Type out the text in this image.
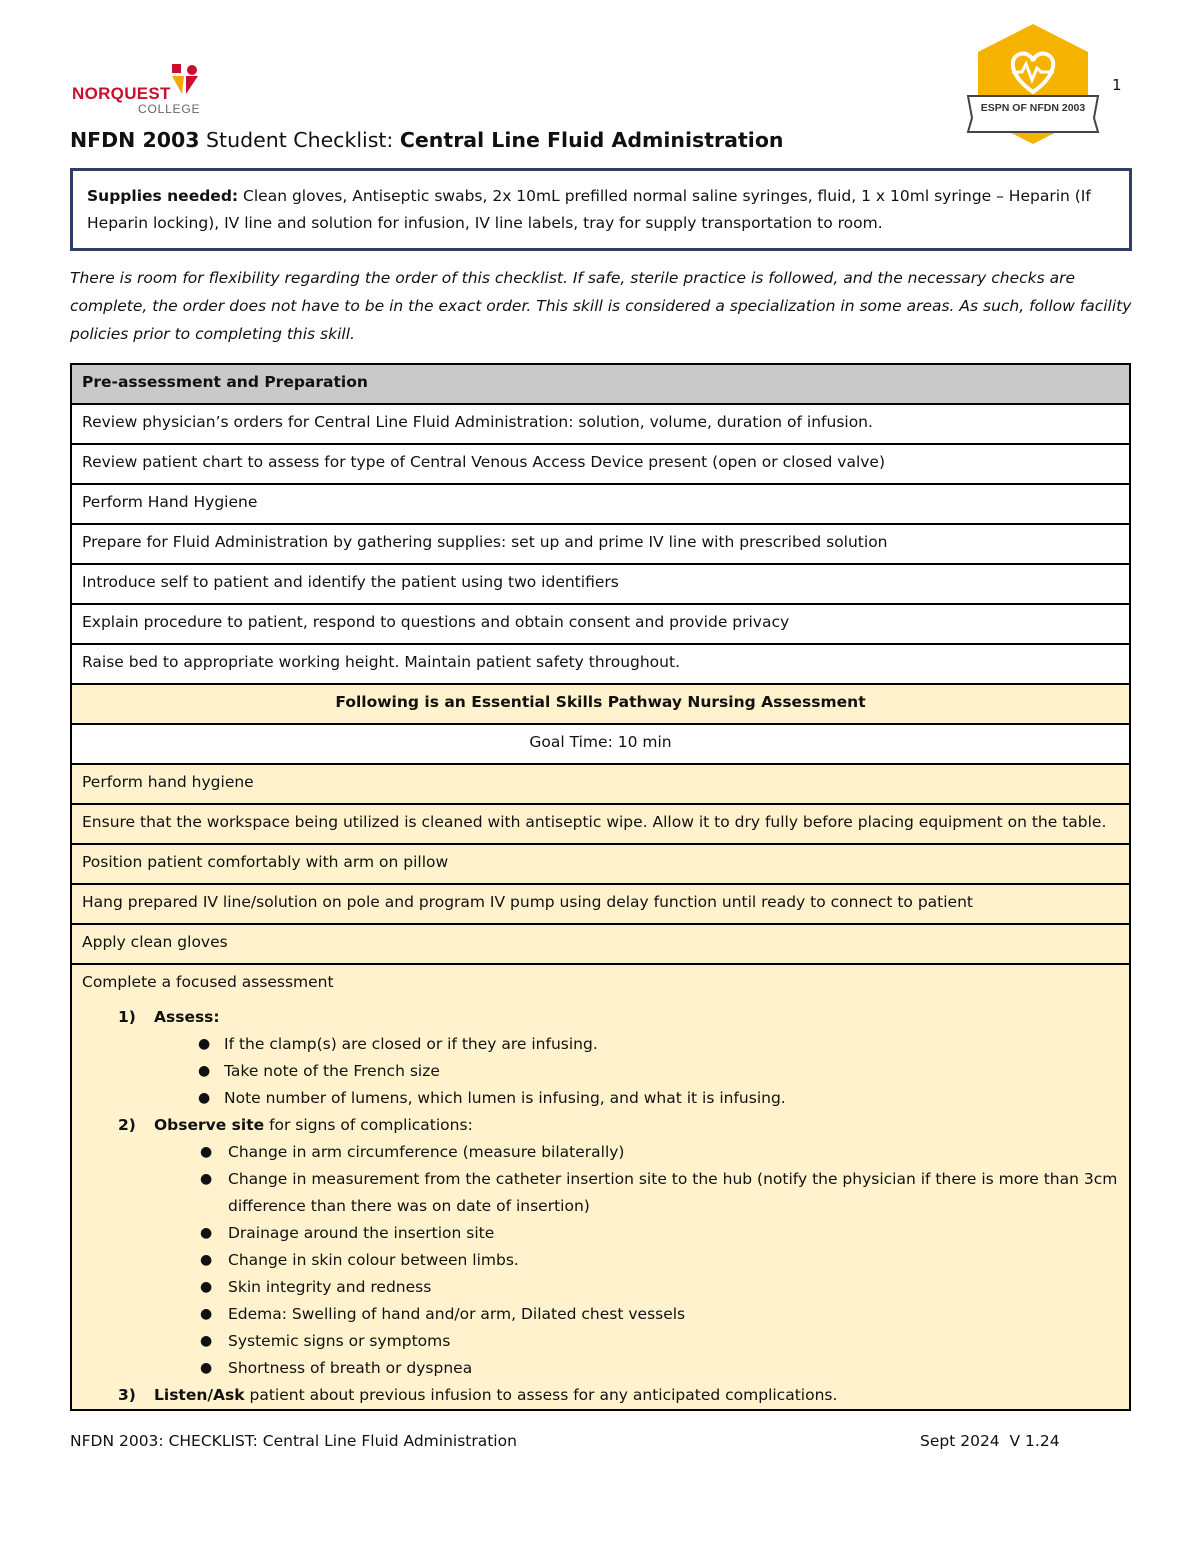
NORQUEST
COLLEGE	ESPN OF NFDN 2003
1
NFDN 2003 Student Checklist: Central Line Fluid Administration
Supplies needed: Clean gloves, Antiseptic swabs, 2x 10mL prefilled normal saline syringes, fluid, 1 x 10ml syringe – Heparin (If Heparin locking), IV line and solution for infusion, IV line labels, tray for supply transportation to room.
There is room for flexibility regarding the order of this checklist. If safe, sterile practice is followed, and the necessary checks are complete, the order does not have to be in the exact order. This skill is considered a specialization in some areas. As such, follow facility policies prior to completing this skill.
Pre-assessment and Preparation
Review physician’s orders for Central Line Fluid Administration: solution, volume, duration of infusion.
Review patient chart to assess for type of Central Venous Access Device present (open or closed valve)
Perform Hand Hygiene
Prepare for Fluid Administration by gathering supplies: set up and prime IV line with prescribed solution
Introduce self to patient and identify the patient using two identifiers
Explain procedure to patient, respond to questions and obtain consent and provide privacy
Raise bed to appropriate working height. Maintain patient safety throughout.
Following is an Essential Skills Pathway Nursing Assessment
Goal Time: 10 min
Perform hand hygiene
Ensure that the workspace being utilized is cleaned with antiseptic wipe. Allow it to dry fully before placing equipment on the table.
Position patient comfortably with arm on pillow
Hang prepared IV line/solution on pole and program IV pump using delay function until ready to connect to patient
Apply clean gloves

Complete a focused assessment
1) Assess:
● If the clamp(s) are closed or if they are infusing.
● Take note of the French size
● Note number of lumens, which lumen is infusing, and what it is infusing.
2) Observe site for signs of complications:
● Change in arm circumference (measure bilaterally)
● Change in measurement from the catheter insertion site to the hub (notify the physician if there is more than 3cm difference than there was on date of insertion)
● Drainage around the insertion site
● Change in skin colour between limbs.
● Skin integrity and redness
● Edema: Swelling of hand and/or arm, Dilated chest vessels
● Systemic signs or symptoms
● Shortness of breath or dyspnea
3) Listen/Ask patient about previous infusion to assess for any anticipated complications.
NFDN 2003: CHECKLIST: Central Line Fluid Administration	Sept 2024  V 1.24
